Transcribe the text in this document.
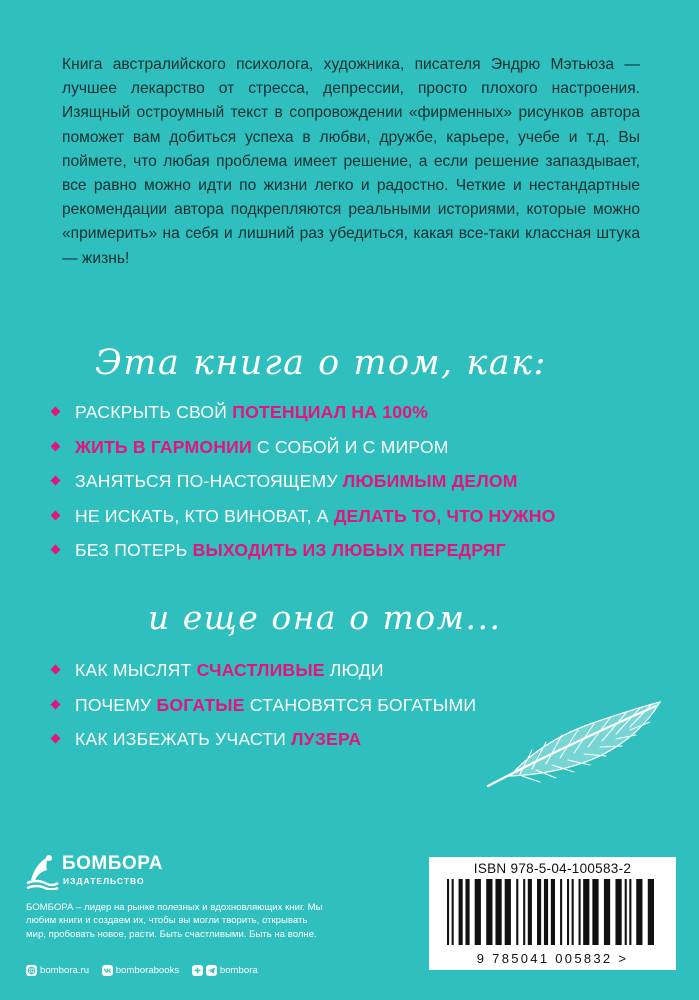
Книга австралийского психолога, художника, писателя Эндрю Мэтьюза — лучшее лекарство от стресса, депрессии, просто плохого настроения. Изящный остроумный текст в сопровождении «фирменных» рисунков автора поможет вам добиться успеха в любви, дружбе, карьере, учебе и т.д. Вы поймете, что любая проблема имеет решение, а если решение запаздывает, все равно можно идти по жизни легко и радостно. Четкие и нестандартные рекомендации автора подкрепляются реальными историями, которые можно «примерить» на себя и лишний раз убедиться, какая все-таки классная штука — жизнь!

Эта книга о том, как:
РАСКРЫТЬ СВОЙ ПОТЕНЦИАЛ НА 100%
ЖИТЬ В ГАРМОНИИ С СОБОЙ И С МИРОМ
ЗАНЯТЬСЯ ПО-НАСТОЯЩЕМУ ЛЮБИМЫМ ДЕЛОМ
НЕ ИСКАТЬ, КТО ВИНОВАТ, А ДЕЛАТЬ ТО, ЧТО НУЖНО
БЕЗ ПОТЕРЬ ВЫХОДИТЬ ИЗ ЛЮБЫХ ПЕРЕДРЯГ
и еще она о том...
КАК МЫСЛЯТ СЧАСТЛИВЫЕ ЛЮДИ
ПОЧЕМУ БОГАТЫЕ СТАНОВЯТСЯ БОГАТЫМИ
КАК ИЗБЕЖАТЬ УЧАСТИ ЛУЗЕРА
БОМБОРА
ИЗДАТЕЛЬСТВО

БОМБОРА – лидер на рынке полезных и вдохновляющих книг. Мы любим книги и создаем их, чтобы вы могли творить, открывать мир, пробовать новое, расти. Быть счастливыми. Быть на волне.

bombora.ru	bomborabooks	bombora
ISBN 978-5-04-100583-2
9 785041 005832 >
